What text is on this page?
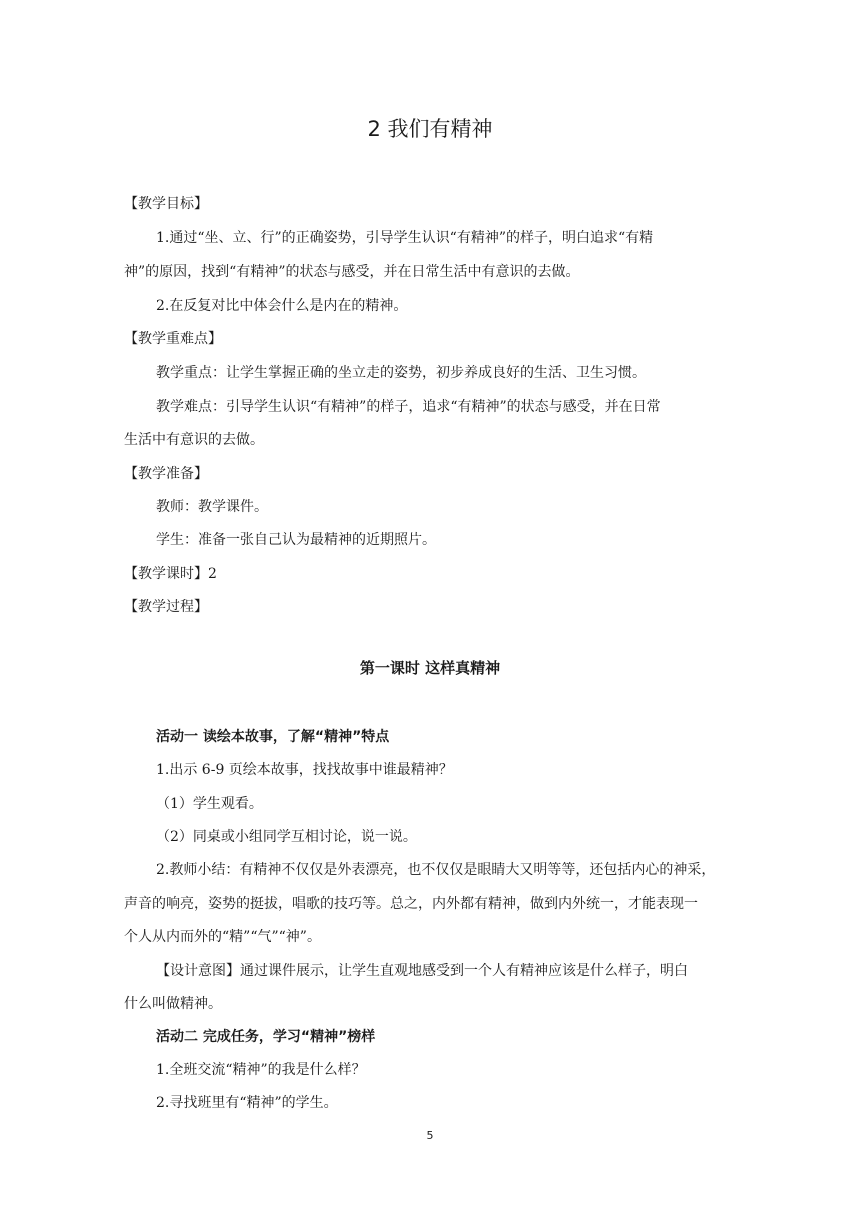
2 我们有精神
【教学目标】
1.通过“坐、立、行”的正确姿势，引导学生认识“有精神”的样子，明白追求“有精
神”的原因，找到“有精神”的状态与感受，并在日常生活中有意识的去做。
2.在反复对比中体会什么是内在的精神。
【教学重难点】
教学重点：让学生掌握正确的坐立走的姿势，初步养成良好的生活、卫生习惯。
教学难点：引导学生认识“有精神”的样子，追求“有精神”的状态与感受，并在日常
生活中有意识的去做。
【教学准备】
教师：教学课件。
学生：准备一张自己认为最精神的近期照片。
【教学课时】2
【教学过程】
第一课时 这样真精神
活动一 读绘本故事，了解“精神”特点
1.出示 6-9 页绘本故事，找找故事中谁最精神？
（1）学生观看。
（2）同桌或小组同学互相讨论，说一说。
2.教师小结：有精神不仅仅是外表漂亮，也不仅仅是眼睛大又明等等，还包括内心的神采，
声音的响亮，姿势的挺拔，唱歌的技巧等。总之，内外都有精神，做到内外统一，才能表现一
个人从内而外的“精”“气”“神”。
【设计意图】通过课件展示，让学生直观地感受到一个人有精神应该是什么样子，明白
什么叫做精神。
活动二 完成任务，学习“精神”榜样
1.全班交流“精神”的我是什么样？
2.寻找班里有“精神”的学生。
5
